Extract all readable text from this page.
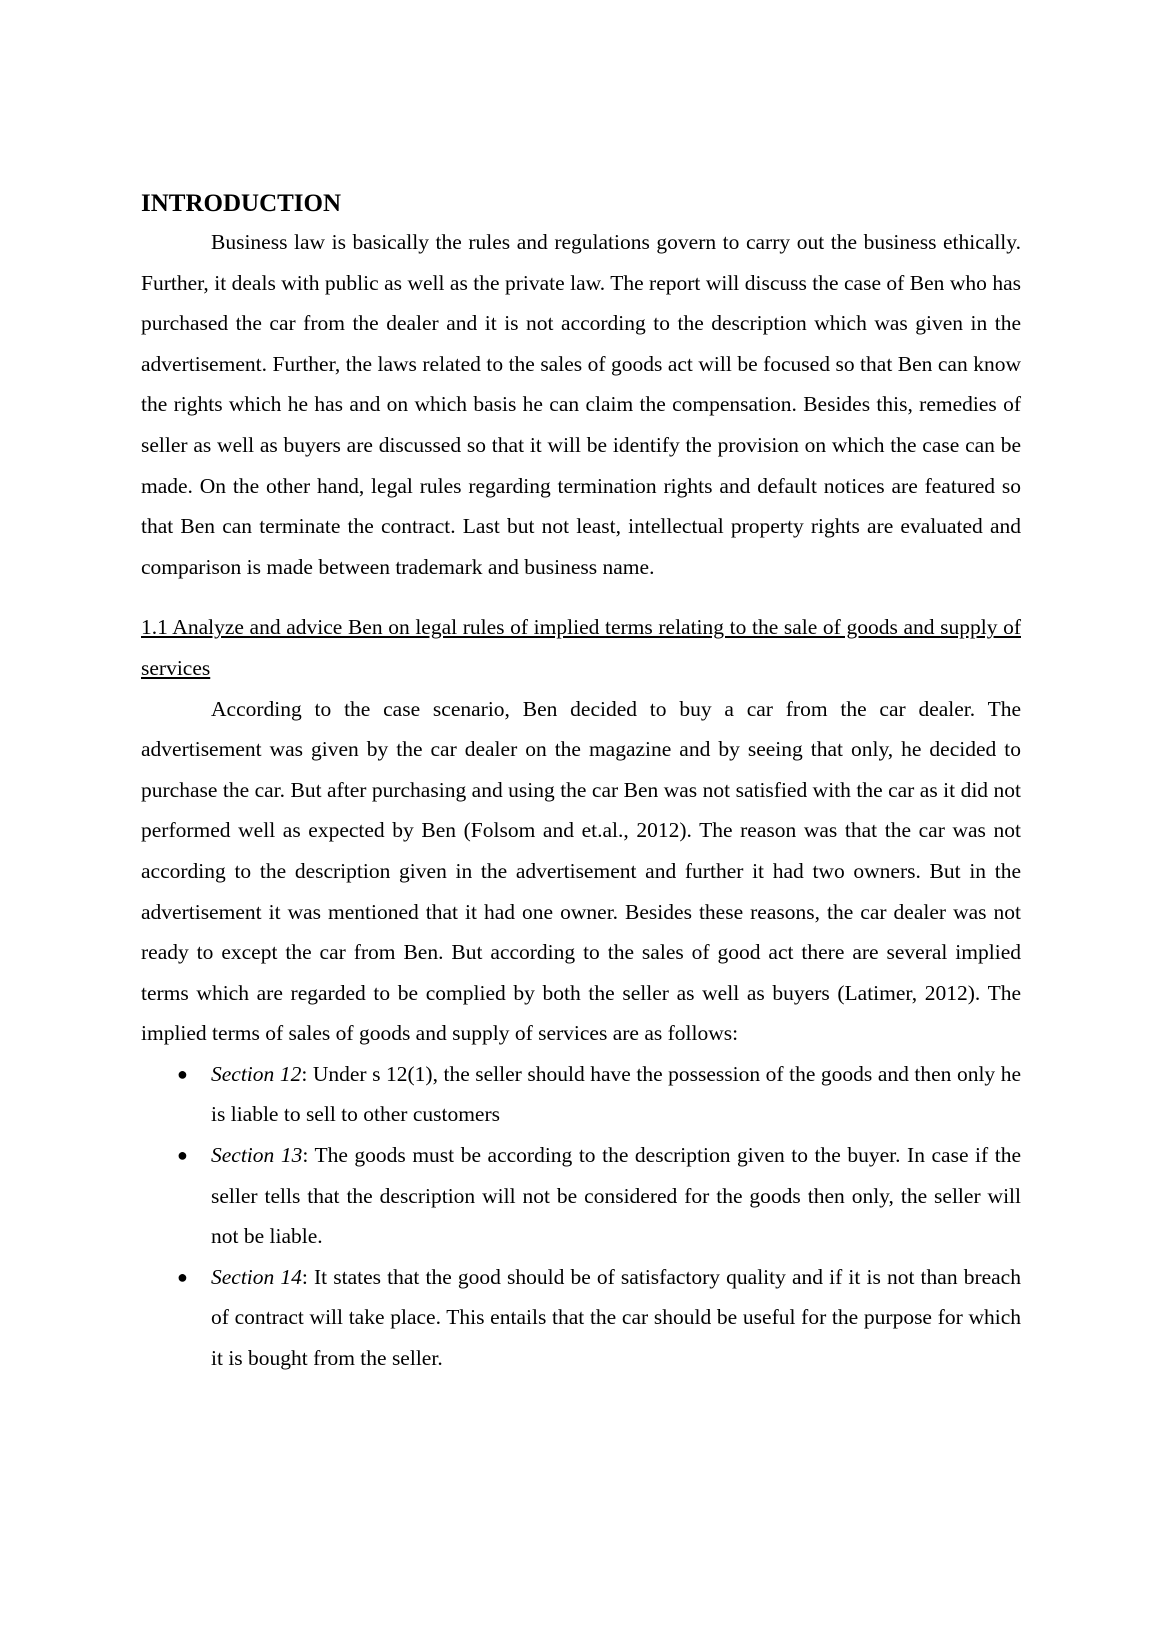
INTRODUCTION

Business law is basically the rules and regulations govern to carry out the business ethically. Further, it deals with public as well as the private law. The report will discuss the case of Ben who has purchased the car from the dealer and it is not according to the description which was given in the advertisement. Further, the laws related to the sales of goods act will be focused so that Ben can know the rights which he has and on which basis he can claim the compensation. Besides this, remedies of seller as well as buyers are discussed so that it will be identify the provision on which the case can be made. On the other hand, legal rules regarding termination rights and default notices are featured so that Ben can terminate the contract. Last but not least, intellectual property rights are evaluated and comparison is made between trademark and business name.

1.1 Analyze and advice Ben on legal rules of implied terms relating to the sale of goods and supply of services

According to the case scenario, Ben decided to buy a car from the car dealer. The advertisement was given by the car dealer on the magazine and by seeing that only, he decided to purchase the car. But after purchasing and using the car Ben was not satisfied with the car as it did not performed well as expected by Ben (Folsom and et.al., 2012). The reason was that the car was not according to the description given in the advertisement and further it had two owners. But in the advertisement it was mentioned that it had one owner. Besides these reasons, the car dealer was not ready to except the car from Ben. But according to the sales of good act there are several implied terms which are regarded to be complied by both the seller as well as buyers (Latimer, 2012). The implied terms of sales of goods and supply of services are as follows:

● Section 12: Under s 12(1), the seller should have the possession of the goods and then only he is liable to sell to other customers
● Section 13: The goods must be according to the description given to the buyer. In case if the seller tells that the description will not be considered for the goods then only, the seller will not be liable.
● Section 14: It states that the good should be of satisfactory quality and if it is not than breach of contract will take place. This entails that the car should be useful for the purpose for which it is bought from the seller.
